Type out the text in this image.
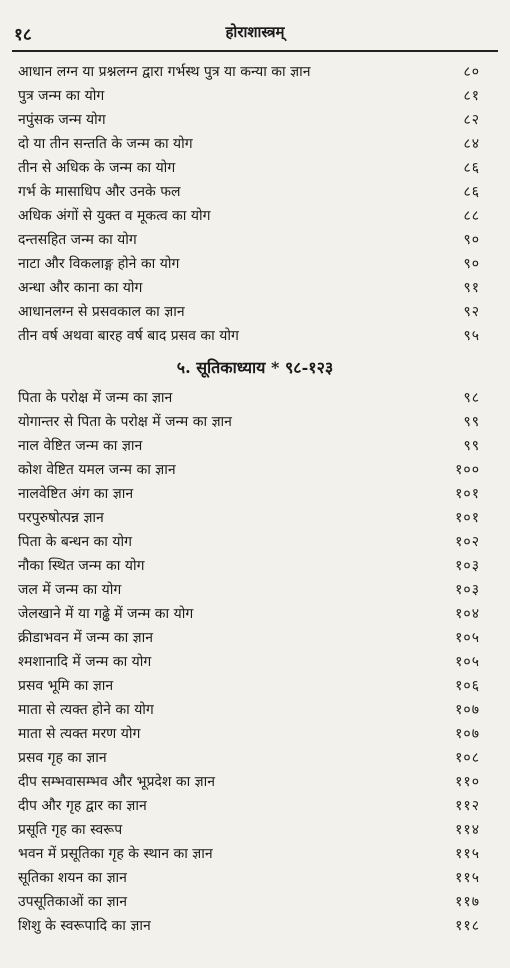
१८	होराशास्त्रम्
आधान लग्न या प्रश्नलग्न द्वारा गर्भस्थ पुत्र या कन्या का ज्ञान	८०
पुत्र जन्म का योग	८१
नपुंसक जन्म योग	८२
दो या तीन सन्तति के जन्म का योग	८४
तीन से अधिक के जन्म का योग	८६
गर्भ के मासाधिप और उनके फल	८६
अधिक अंगों से युक्त व मूकत्व का योग	८८
दन्तसहित जन्म का योग	९०
नाटा और विकलाङ्ग होने का योग	९०
अन्धा और काना का योग	९१
आधानलग्न से प्रसवकाल का ज्ञान	९२
तीन वर्ष अथवा बारह वर्ष बाद प्रसव का योग	९५
५. सूतिकाध्याय * ९८-१२३
पिता के परोक्ष में जन्म का ज्ञान	९८
योगान्तर से पिता के परोक्ष में जन्म का ज्ञान	९९
नाल वेष्टित जन्म का ज्ञान	९९
कोश वेष्टित यमल जन्म का ज्ञान	१००
नालवेष्टित अंग का ज्ञान	१०१
परपुरुषोत्पन्न ज्ञान	१०१
पिता के बन्धन का योग	१०२
नौका स्थित जन्म का योग	१०३
जल में जन्म का योग	१०३
जेलखाने में या गढ्ढे में जन्म का योग	१०४
क्रीडाभवन में जन्म का ज्ञान	१०५
श्मशानादि में जन्म का योग	१०५
प्रसव भूमि का ज्ञान	१०६
माता से त्यक्त होने का योग	१०७
माता से त्यक्त मरण योग	१०७
प्रसव गृह का ज्ञान	१०८
दीप सम्भवासम्भव और भूप्रदेश का ज्ञान	११०
दीप और गृह द्वार का ज्ञान	११२
प्रसूति गृह का स्वरूप	११४
भवन में प्रसूतिका गृह के स्थान का ज्ञान	११५
सूतिका शयन का ज्ञान	११५
उपसूतिकाओं का ज्ञान	११७
शिशु के स्वरूपादि का ज्ञान	११८
